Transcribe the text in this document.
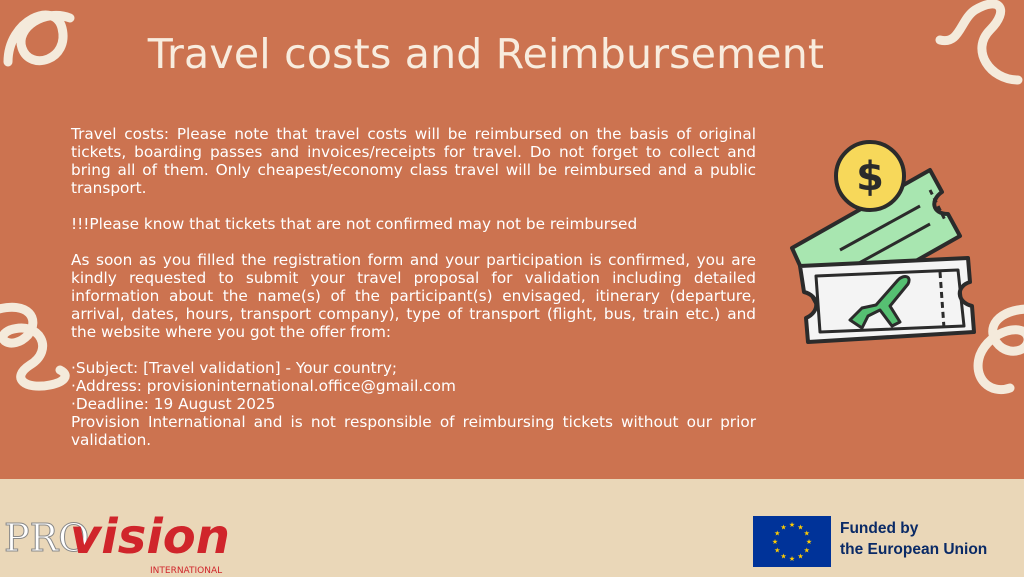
Travel costs and Reimbursement

Travel costs: Please note that travel costs will be reimbursed on the basis of original tickets, boarding passes and invoices/receipts for travel. Do not forget to collect and bring all of them. Only cheapest/economy class travel will be reimbursed and a public transport.

!!!Please know that tickets that are not confirmed may not be reimbursed

As soon as you filled the registration form and your participation is confirmed, you are kindly requested to submit your travel proposal for validation including detailed information about the name(s) of the participant(s) envisaged, itinerary (departure, arrival, dates, hours, transport company), type of transport (flight, bus, train etc.) and the website where you got the offer from:

·Subject: [Travel validation] - Your country;

·Address: provisioninternational.office@gmail.com

·Deadline: 19 August 2025

Provision International and is not responsible of reimbursing tickets without our prior validation.

$
PRO
vision
INTERNATIONAL
★
★
★
★
★
★
★
★
★ ★ ★
★ Funded by
the European Union
